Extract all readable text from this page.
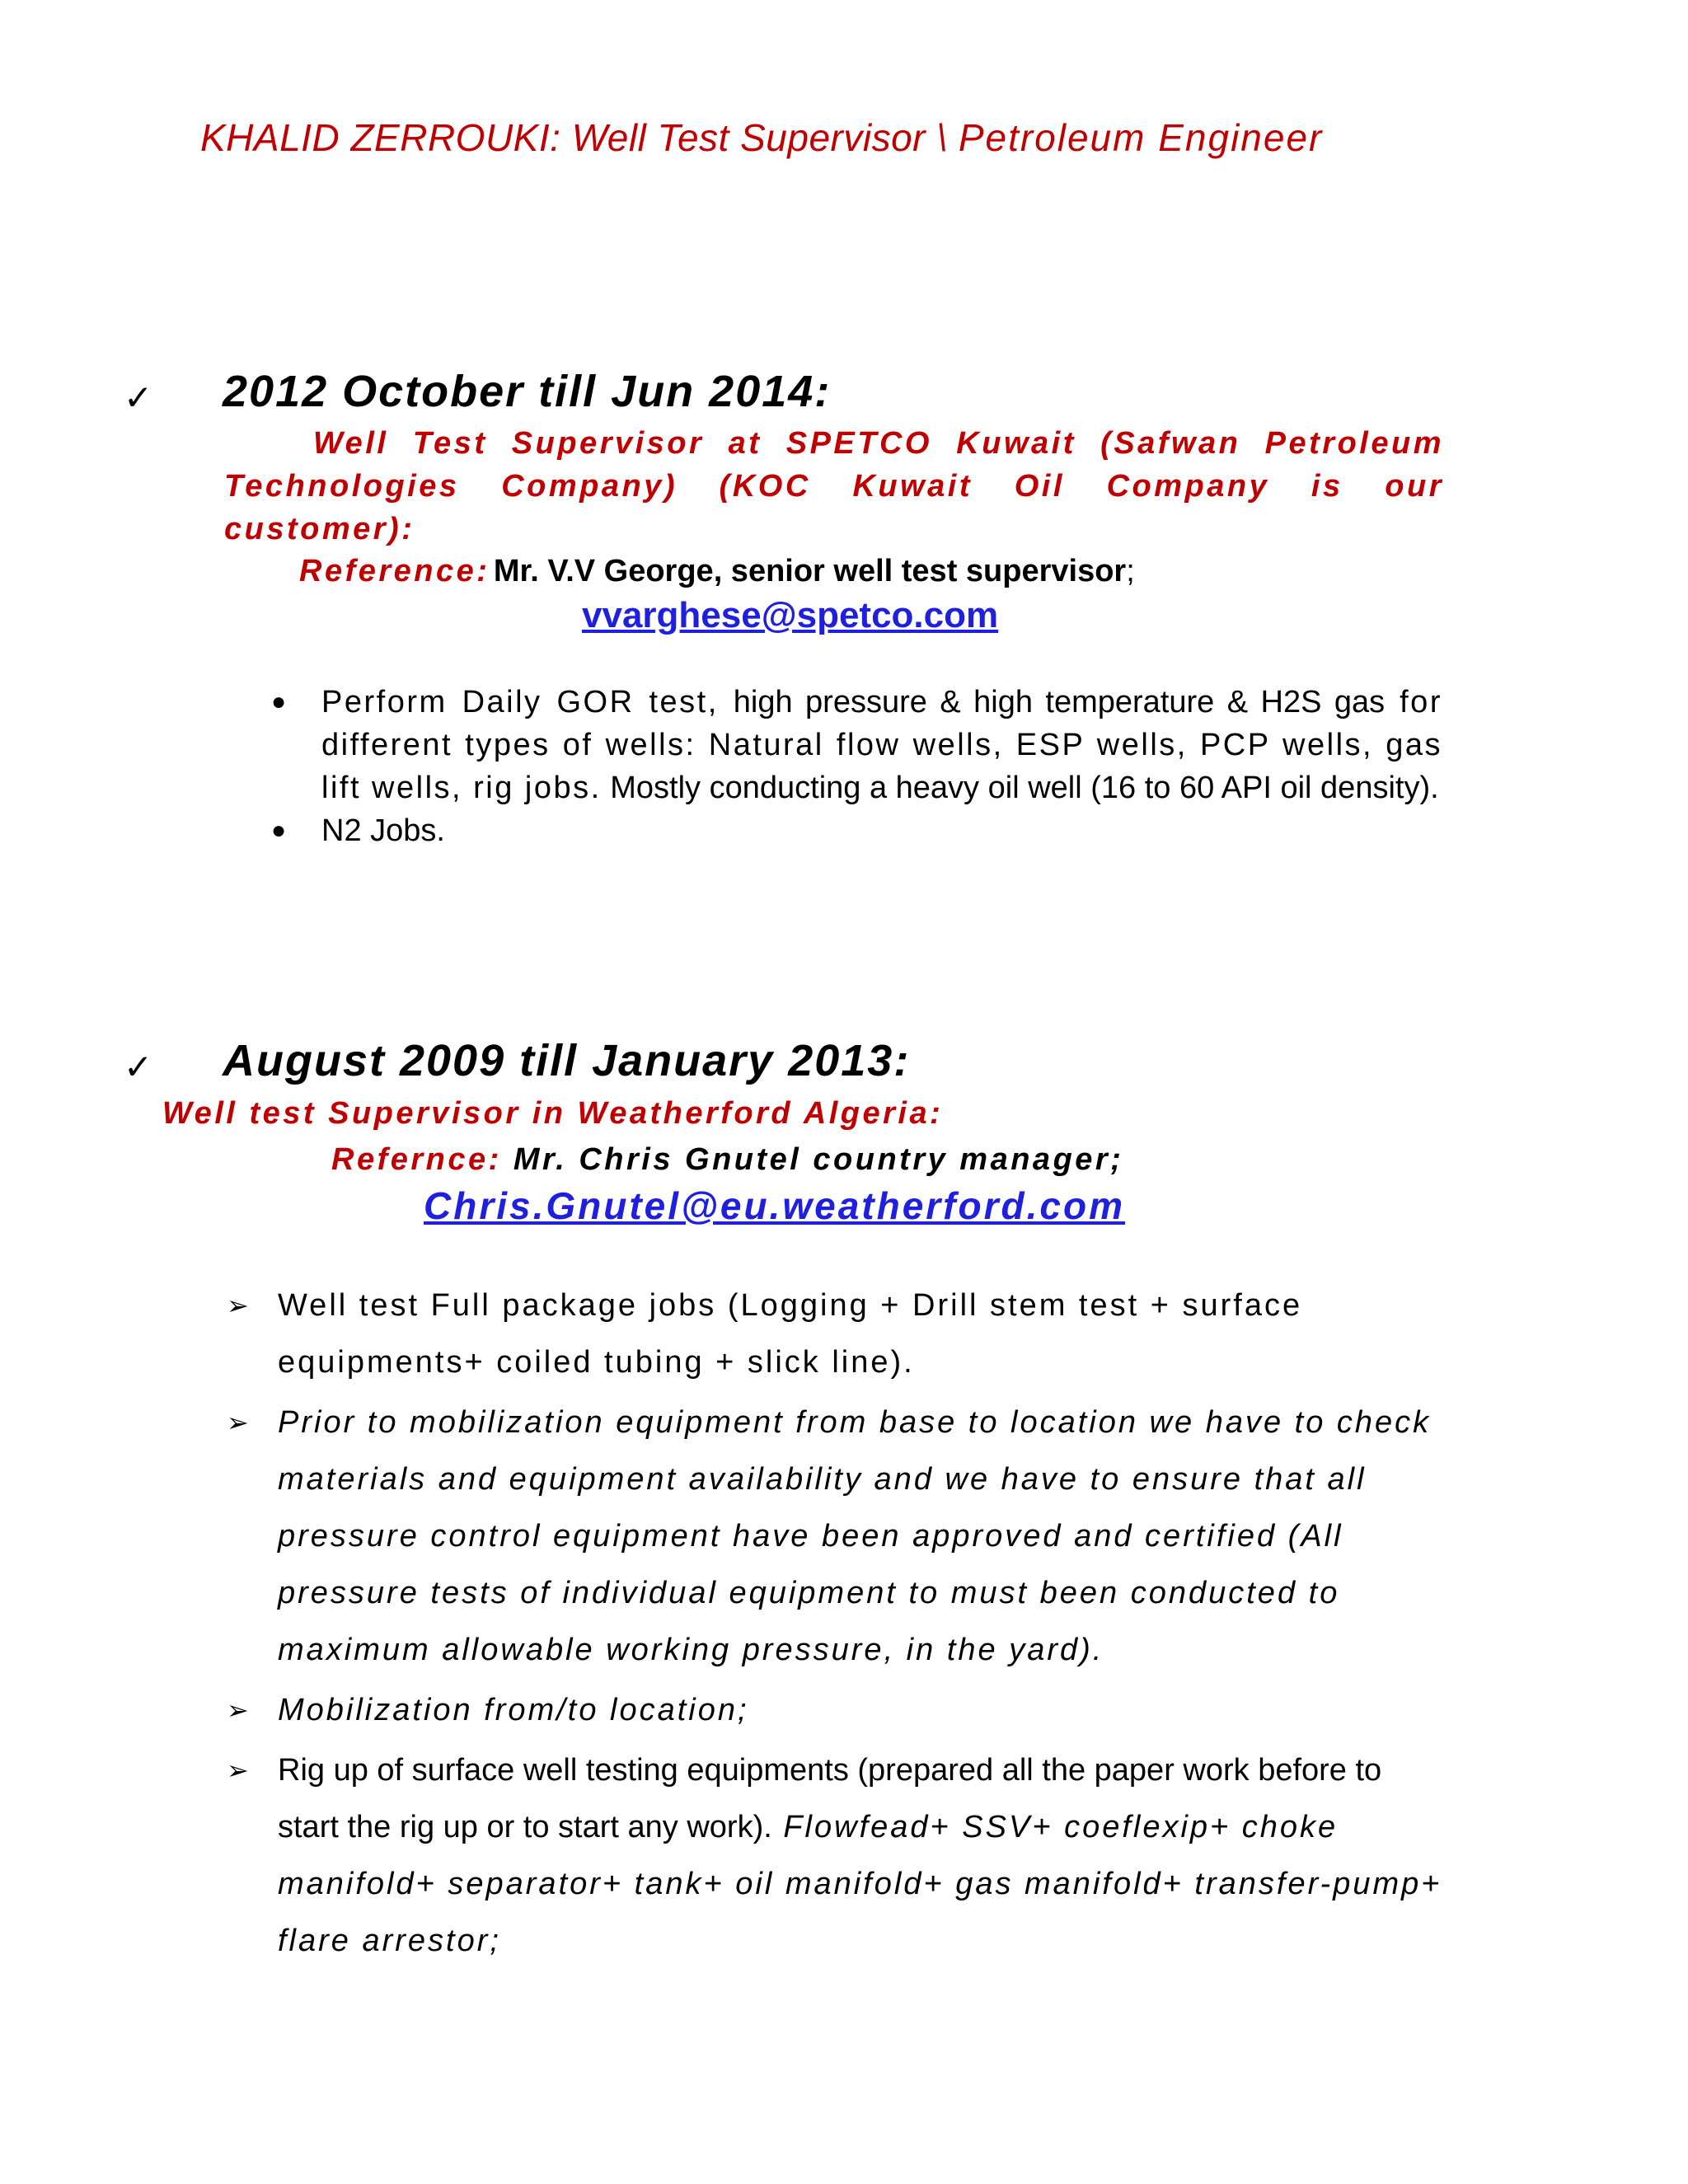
KHALID ZERROUKI: Well Test Supervisor \ Petroleum Engineer
✓ 2012 October till Jun 2014:
Well Test Supervisor at SPETCO Kuwait (Safwan Petroleum
Technologies Company) (KOC Kuwait Oil Company is our
customer):
Reference: Mr. V.V George, senior well test supervisor;
vvarghese@spetco.com
● Perform Daily GOR test, high pressure & high temperature & H2S gas for different types of wells: Natural flow wells, ESP wells, PCP wells, gas lift wells, rig jobs. Mostly conducting a heavy oil well (16 to 60 API oil density).
● N2 Jobs.
✓ August 2009 till January 2013:
Well test Supervisor in Weatherford Algeria:
Refernce: Mr. Chris Gnutel country manager;
Chris.Gnutel@eu.weatherford.com
➢ Well test Full package jobs (Logging + Drill stem test + surface equipments+ coiled tubing + slick line).
➢ Prior to mobilization equipment from base to location we have to check materials and equipment availability and we have to ensure that all pressure control equipment have been approved and certified (All pressure tests of individual equipment to must been conducted to maximum allowable working pressure, in the yard).
➢ Mobilization from/to location;
➢ Rig up of surface well testing equipments (prepared all the paper work before to start the rig up or to start any work). Flowfead+ SSV+ coeflexip+ choke manifold+ separator+ tank+ oil manifold+ gas manifold+ transfer-pump+ flare arrestor;
